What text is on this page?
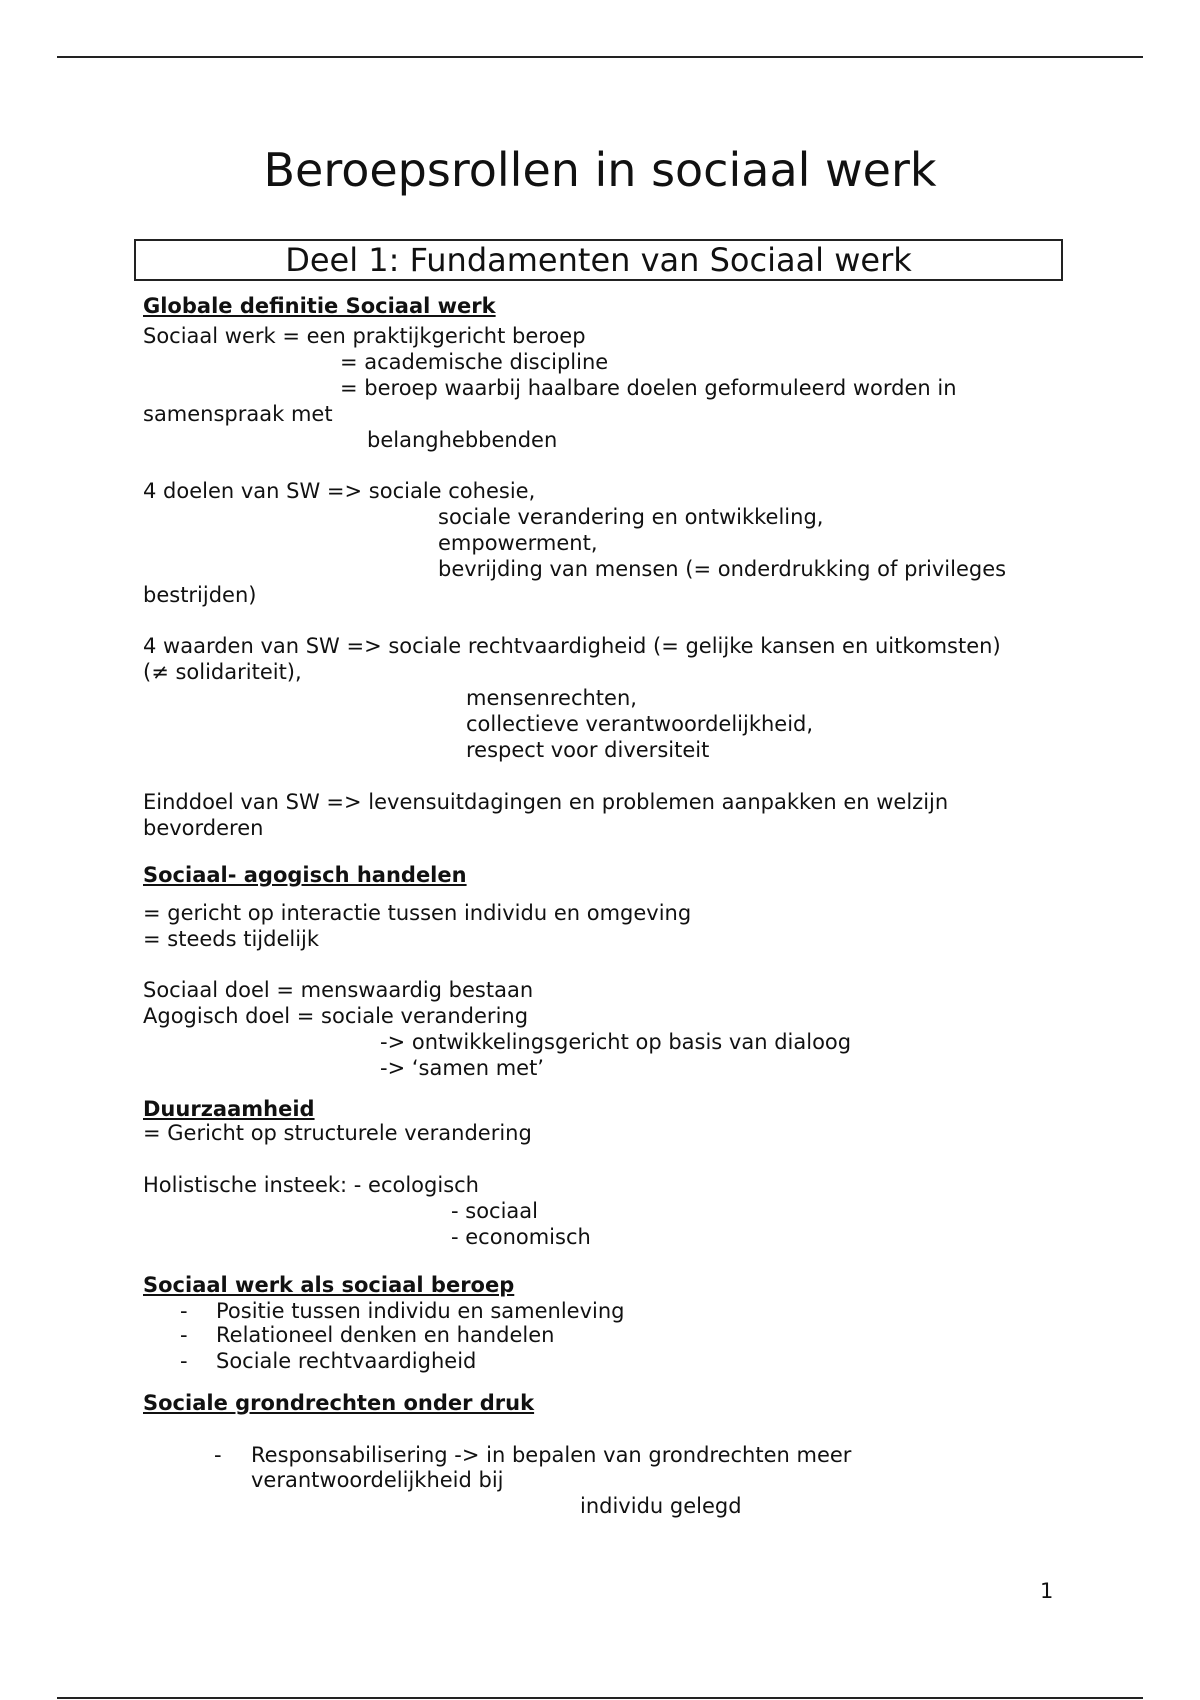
Beroepsrollen in sociaal werk
Deel 1: Fundamenten van Sociaal werk
Globale definitie Sociaal werk
Sociaal werk = een praktijkgericht beroep
= academische discipline
= beroep waarbij haalbare doelen geformuleerd worden in
samenspraak met
belanghebbenden
4 doelen van SW => sociale cohesie,
sociale verandering en ontwikkeling,
empowerment,
bevrijding van mensen (= onderdrukking of privileges
bestrijden)
4 waarden van SW => sociale rechtvaardigheid (= gelijke kansen en uitkomsten)
(≠ solidariteit),
mensenrechten,
collectieve verantwoordelijkheid,
respect voor diversiteit
Einddoel van SW => levensuitdagingen en problemen aanpakken en welzijn
bevorderen
Sociaal- agogisch handelen
= gericht op interactie tussen individu en omgeving
= steeds tijdelijk
Sociaal doel = menswaardig bestaan
Agogisch doel = sociale verandering
-> ontwikkelingsgericht op basis van dialoog
-> ‘samen met’
Duurzaamheid
= Gericht op structurele verandering
Holistische insteek: - ecologisch
- sociaal
- economisch
Sociaal werk als sociaal beroep
- Positie tussen individu en samenleving
- Relationeel denken en handelen
- Sociale rechtvaardigheid
Sociale grondrechten onder druk
- Responsabilisering -> in bepalen van grondrechten meer
verantwoordelijkheid bij
individu gelegd
1
